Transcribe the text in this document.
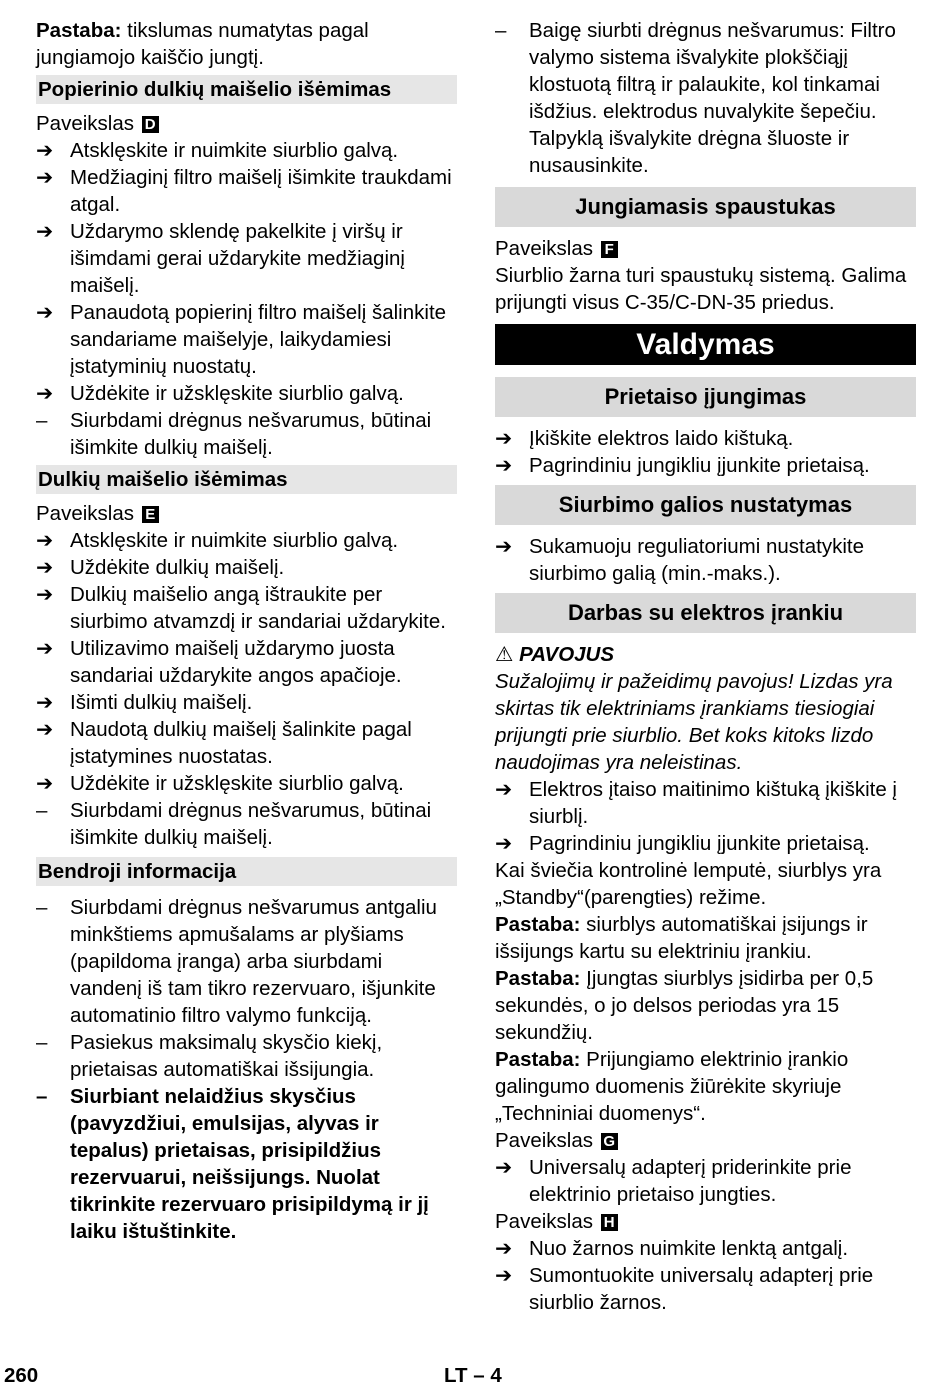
Pastaba: tikslumas numatytas pagal jungiamojo kaiščio jungtį.

Popierinio dulkių maišelio išėmimas

Paveikslas D

➔ Atsklęskite ir nuimkite siurblio galvą.
➔ Medžiaginį filtro maišelį išimkite traukdami atgal.
➔ Uždarymo sklendę pakelkite į viršų ir išimdami gerai uždarykite medžiaginį maišelį.
➔ Panaudotą popierinį filtro maišelį šalinkite sandariame maišelyje, laikydamiesi įstatyminių nuostatų.
➔ Uždėkite ir užsklęskite siurblio galvą.
–	Siurbdami drėgnus nešvarumus, būtinai išimkite dulkių maišelį.
Dulkių maišelio išėmimas

Paveikslas E

➔ Atsklęskite ir nuimkite siurblio galvą.
➔ Uždėkite dulkių maišelį.
➔ Dulkių maišelio angą ištraukite per siurbimo atvamzdį ir sandariai uždarykite.
➔ Utilizavimo maišelį uždarymo juosta sandariai uždarykite angos apačioje.
➔ Išimti dulkių maišelį.
➔ Naudotą dulkių maišelį šalinkite pagal įstatymines nuostatas.
➔ Uždėkite ir užsklęskite siurblio galvą.
–	Siurbdami drėgnus nešvarumus, būtinai išimkite dulkių maišelį.
Bendroji informacija
–	Siurbdami drėgnus nešvarumus antgaliu minkštiems apmušalams ar plyšiams (papildoma įranga) arba siurbdami vandenį iš tam tikro rezervuaro, išjunkite automatinio filtro valymo funkciją.
–	Pasiekus maksimalų skysčio kiekį, prietaisas automatiškai išsijungia.
–	Siurbiant nelaidžius skysčius (pavyzdžiui, emulsijas, alyvas ir tepalus) prietaisas, prisipildžius rezervuarui, neišsijungs. Nuolat tikrinkite rezervuaro prisipildymą ir jį laiku ištuštinkite.
–	Baigę siurbti drėgnus nešvarumus: Filtro valymo sistema išvalykite plokščiąjį klostuotą filtrą ir palaukite, kol tinkamai išdžius. elektrodus nuvalykite šepečiu. Talpyklą išvalykite drėgna šluoste ir nusausinkite.
Jungiamasis spaustukas

Paveikslas F

Siurblio žarna turi spaustukų sistemą. Galima prijungti visus C-35/C-DN-35 priedus.

Valdymas
Prietaiso įjungimas
➔ Įkiškite elektros laido kištuką.
➔ Pagrindiniu jungikliu įjunkite prietaisą.
Siurbimo galios nustatymas
➔ Sukamuoju reguliatoriumi nustatykite siurbimo galią (min.-maks.).
Darbas su elektros įrankiu

⚠ PAVOJUS

Sužalojimų ir pažeidimų pavojus! Lizdas yra skirtas tik elektriniams įrankiams tiesiogiai prijungti prie siurblio. Bet koks kitoks lizdo naudojimas yra neleistinas.

➔ Elektros įtaiso maitinimo kištuką įkiškite į siurblį.
➔ Pagrindiniu jungikliu įjunkite prietaisą.

Kai šviečia kontrolinė lemputė, siurblys yra „Standby“(parengties) režime.

Pastaba: siurblys automatiškai įsijungs ir išsijungs kartu su elektriniu įrankiu.

Pastaba: Įjungtas siurblys įsidirba per 0,5 sekundės, o jo delsos periodas yra 15 sekundžių.

Pastaba: Prijungiamo elektrinio įrankio galingumo duomenis žiūrėkite skyriuje „Techniniai duomenys“.

Paveikslas G

➔ Universalų adapterį priderinkite prie elektrinio prietaiso jungties.

Paveikslas H

➔ Nuo žarnos nuimkite lenktą antgalį.
➔ Sumontuokite universalų adapterį prie siurblio žarnos.
260	LT – 4
